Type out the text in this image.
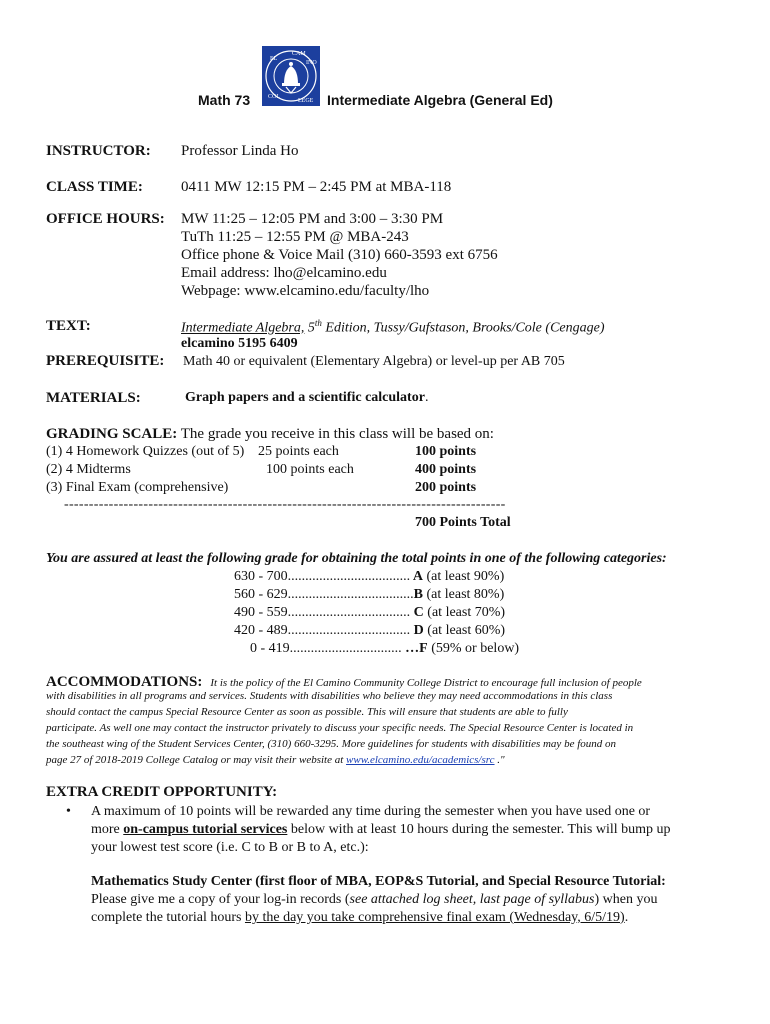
EL
CAM
INO
COL
LEGE
Math 73	Intermediate Algebra (General Ed)
INSTRUCTOR: Professor Linda Ho
CLASS TIME:	0411 MW 12:15 PM – 2:45 PM at MBA-118
OFFICE HOURS: MW 11:25 – 12:05 PM and 3:00 – 3:30 PM
TuTh 11:25 – 12:55 PM @ MBA-243
Office phone & Voice Mail (310) 660-3593 ext 6756
Email address: lho@elcamino.edu
Webpage: www.elcamino.edu/faculty/lho
TEXT:	Intermediate Algebra, 5th Edition, Tussy/Gufstason, Brooks/Cole (Cengage)
elcamino 5195 6409
PREREQUISITE: Math 40 or equivalent (Elementary Algebra) or level-up per AB 705
MATERIALS:	Graph papers and a scientific calculator.
GRADING SCALE: The grade you receive in this class will be based on:
(1) 4 Homework Quizzes (out of 5) 25 points each	100 points
(2) 4 Midterms	100 points each	400 points
(3) Final Exam (comprehensive)	200 points
-----------------------------------------------------------------------------------------
700 Points Total
You are assured at least the following grade for obtaining the total points in one of the following categories:
630 - 700................................... A (at least 90%)
560 - 629....................................B (at least 80%)
490 - 559................................... C (at least 70%)
420 - 489................................... D (at least 60%)
0 - 419................................ …F (59% or below)
ACCOMMODATIONS: It is the policy of the El Camino Community College District to encourage full inclusion of people
with disabilities in all programs and services. Students with disabilities who believe they may need accommodations in this class
should contact the campus Special Resource Center as soon as possible. This will ensure that students are able to fully
participate. As well one may contact the instructor privately to discuss your specific needs. The Special Resource Center is located in
the southeast wing of the Student Services Center, (310) 660-3295. More guidelines for students with disabilities may be found on
page 27 of 2018-2019 College Catalog or may visit their website at www.elcamino.edu/academics/src ."
EXTRA CREDIT OPPORTUNITY:
• A maximum of 10 points will be rewarded any time during the semester when you have used one or
more on-campus tutorial services below with at least 10 hours during the semester. This will bump up
your lowest test score (i.e. C to B or B to A, etc.):
Mathematics Study Center (first floor of MBA, EOP&S Tutorial, and Special Resource Tutorial:
Please give me a copy of your log-in records (see attached log sheet, last page of syllabus) when you
complete the tutorial hours by the day you take comprehensive final exam (Wednesday, 6/5/19).
